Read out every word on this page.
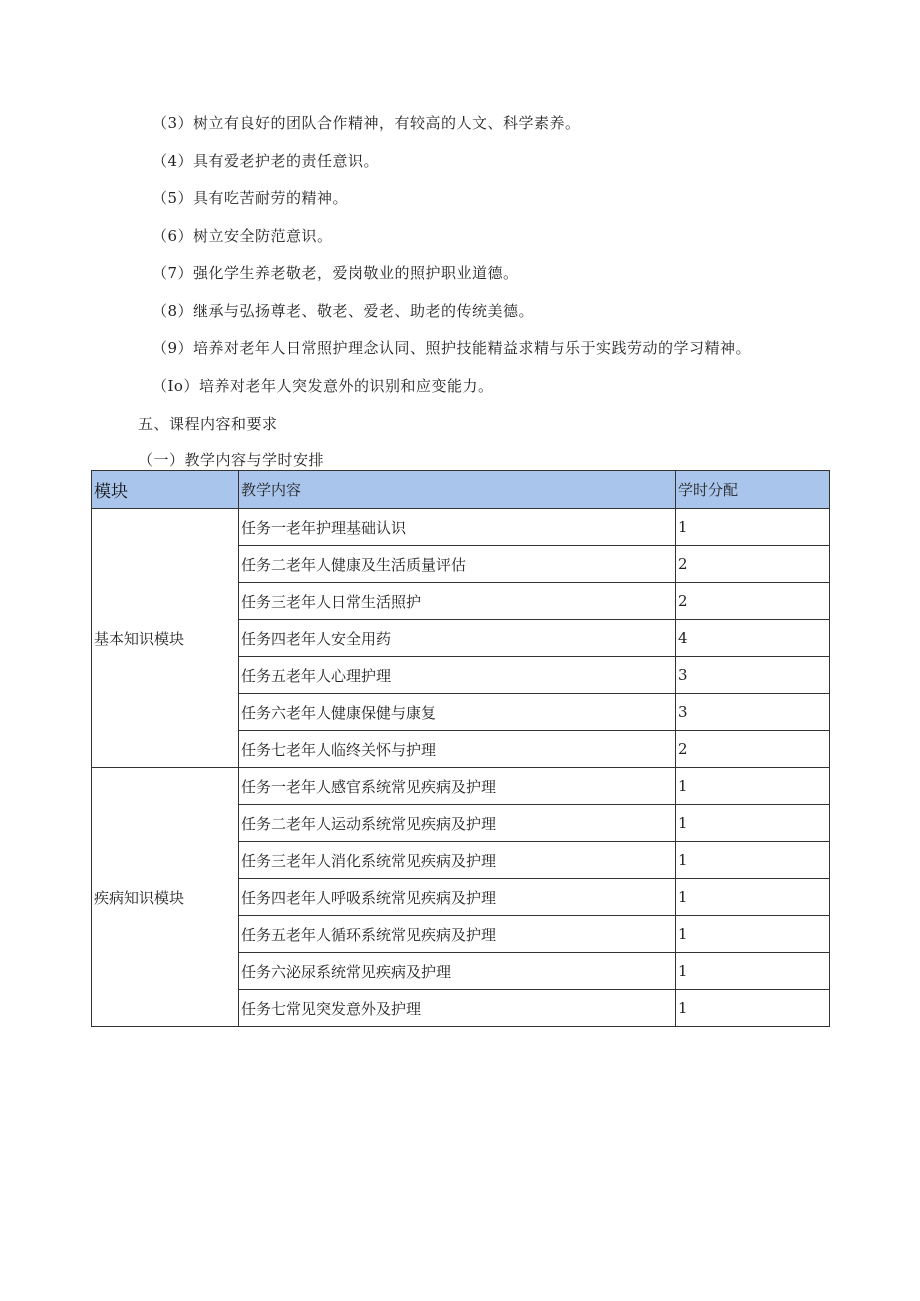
（3）树立有良好的团队合作精神，有较高的人文、科学素养。
（4）具有爱老护老的责任意识。
（5）具有吃苦耐劳的精神。
（6）树立安全防范意识。
（7）强化学生养老敬老，爱岗敬业的照护职业道德。
（8）继承与弘扬尊老、敬老、爱老、助老的传统美德。
（9）培养对老年人日常照护理念认同、照护技能精益求精与乐于实践劳动的学习精神。
（Io）培养对老年人突发意外的识别和应变能力。
五、课程内容和要求
（一）教学内容与学时安排
模块	教学内容	学时分配
基本知识模块	任务一老年护理基础认识	1
	任务二老年人健康及生活质量评估	2
	任务三老年人日常生活照护	2
	任务四老年人安全用药	4
	任务五老年人心理护理	3
	任务六老年人健康保健与康复	3
	任务七老年人临终关怀与护理	2
疾病知识模块	任务一老年人感官系统常见疾病及护理	1
	任务二老年人运动系统常见疾病及护理	1
	任务三老年人消化系统常见疾病及护理	1
	任务四老年人呼吸系统常见疾病及护理	1
	任务五老年人循环系统常见疾病及护理	1
	任务六泌尿系统常见疾病及护理	1
	任务七常见突发意外及护理	1
